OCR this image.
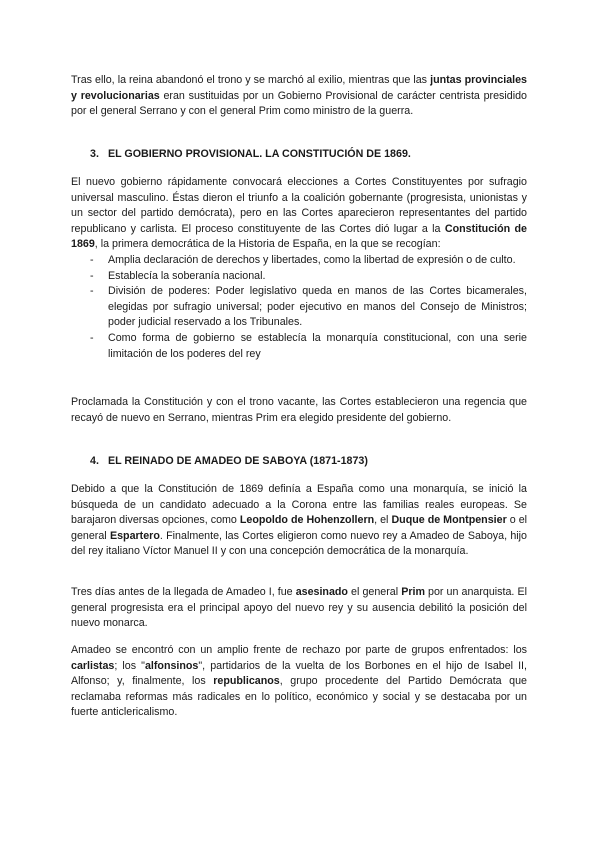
Tras ello, la reina abandonó el trono y se marchó al exilio, mientras que las juntas provinciales y revolucionarias eran sustituidas por un Gobierno Provisional de carácter centrista presidido por el general Serrano y con el general Prim como ministro de la guerra.

3. EL GOBIERNO PROVISIONAL. LA CONSTITUCIÓN DE 1869.

El nuevo gobierno rápidamente convocará elecciones a Cortes Constituyentes por sufragio universal masculino. Éstas dieron el triunfo a la coalición gobernante (progresista, unionistas y un sector del partido demócrata), pero en las Cortes aparecieron representantes del partido republicano y carlista. El proceso constituyente de las Cortes dió lugar a la Constitución de 1869, la primera democrática de la Historia de España, en la que se recogían:

- Amplia declaración de derechos y libertades, como la libertad de expresión o de culto.
- Establecía la soberanía nacional.
- División de poderes: Poder legislativo queda en manos de las Cortes bicamerales, elegidas por sufragio universal; poder ejecutivo en manos del Consejo de Ministros; poder judicial reservado a los Tribunales.
- Como forma de gobierno se establecía la monarquía constitucional, con una serie limitación de los poderes del rey

Proclamada la Constitución y con el trono vacante, las Cortes establecieron una regencia que recayó de nuevo en Serrano, mientras Prim era elegido presidente del gobierno.

4. EL REINADO DE AMADEO DE SABOYA (1871-1873)

Debido a que la Constitución de 1869 definía a España como una monarquía, se inició la búsqueda de un candidato adecuado a la Corona entre las familias reales europeas. Se barajaron diversas opciones, como Leopoldo de Hohenzollern, el Duque de Montpensier o el general Espartero. Finalmente, las Cortes eligieron como nuevo rey a Amadeo de Saboya, hijo del rey italiano Víctor Manuel II y con una concepción democrática de la monarquía.

Tres días antes de la llegada de Amadeo I, fue asesinado el general Prim por un anarquista. El general progresista era el principal apoyo del nuevo rey y su ausencia debilitó la posición del nuevo monarca.

Amadeo se encontró con un amplio frente de rechazo por parte de grupos enfrentados: los carlistas; los "alfonsinos", partidarios de la vuelta de los Borbones en el hijo de Isabel II, Alfonso; y, finalmente, los republicanos, grupo procedente del Partido Demócrata que reclamaba reformas más radicales en lo político, económico y social y se destacaba por un fuerte anticlericalismo.
